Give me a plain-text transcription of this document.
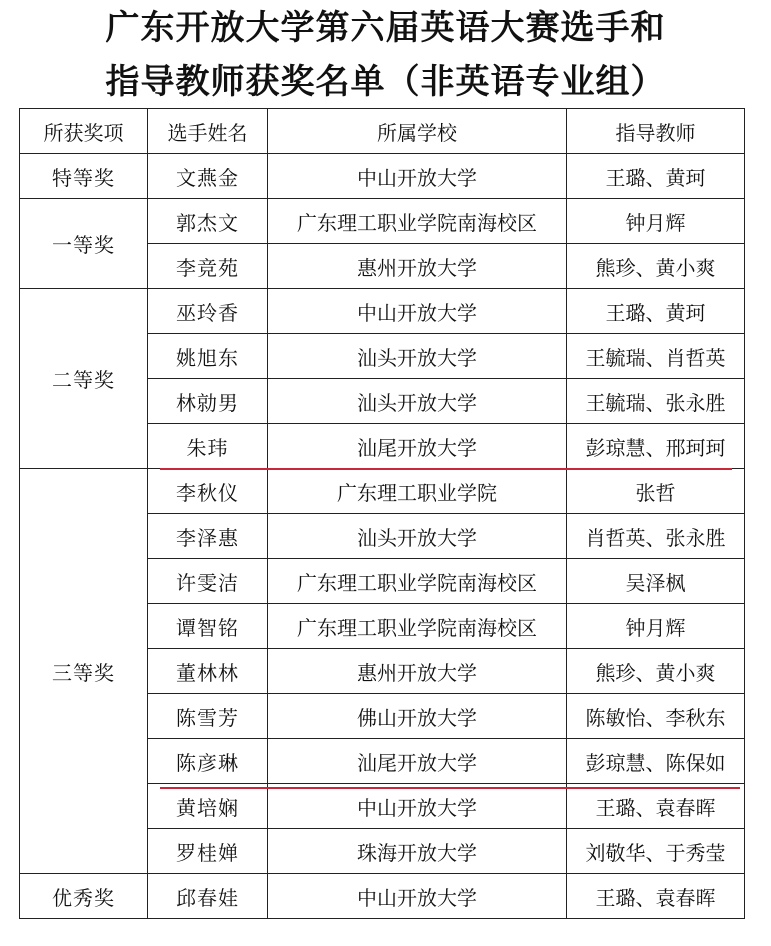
广东开放大学第六届英语大赛选手和
指导教师获奖名单（非英语专业组）
所获奖项	选手姓名	所属学校	指导教师
特等奖	文燕金	中山开放大学	王璐、黄珂
一等奖	郭杰文	广东理工职业学院南海校区	钟月辉
	李竞苑	惠州开放大学	熊珍、黄小爽
二等奖	巫玲香	中山开放大学	王璐、黄珂
	姚旭东	汕头开放大学	王毓瑞、肖哲英
	林勍男	汕头开放大学	王毓瑞、张永胜
	朱玮	汕尾开放大学	彭琼慧、邢珂珂
三等奖	李秋仪	广东理工职业学院	张哲
	李泽惠	汕头开放大学	肖哲英、张永胜
	许雯洁	广东理工职业学院南海校区	吴泽枫
	谭智铭	广东理工职业学院南海校区	钟月辉
	董林林	惠州开放大学	熊珍、黄小爽
	陈雪芳	佛山开放大学	陈敏怡、李秋东
	陈彦琳	汕尾开放大学	彭琼慧、陈保如
	黄培娴	中山开放大学	王璐、袁春晖
	罗桂婵	珠海开放大学	刘敬华、于秀莹
优秀奖	邱春娃	中山开放大学	王璐、袁春晖
